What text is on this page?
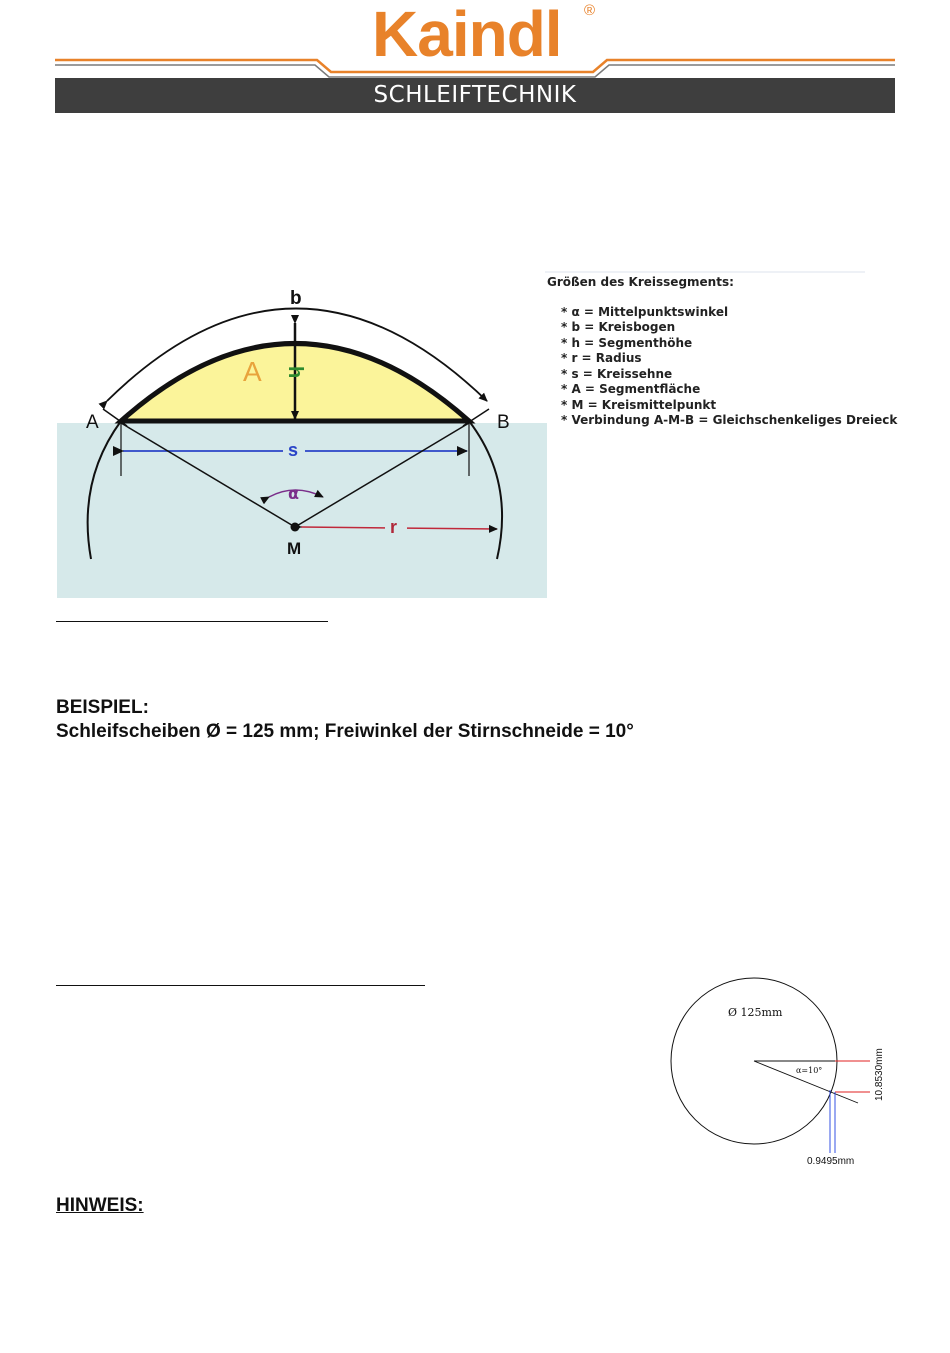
Kaindl ®
SCHLEIFTECHNIK
b
h
A
A	B
s
α
M
r
Größen des Kreissegments:
* α = Mittelpunktswinkel
* b = Kreisbogen
* h = Segmenthöhe
* r = Radius
* s = Kreissehne
* A = Segmentfläche
* M = Kreismittelpunkt
* Verbindung A-M-B = Gleichschenkeliges Dreieck
BEISPIEL:
Schleifscheiben Ø = 125 mm; Freiwinkel der Stirnschneide = 10°
Ø 125mm
α=10°	10.8530mm
0.9495mm
HINWEIS:
